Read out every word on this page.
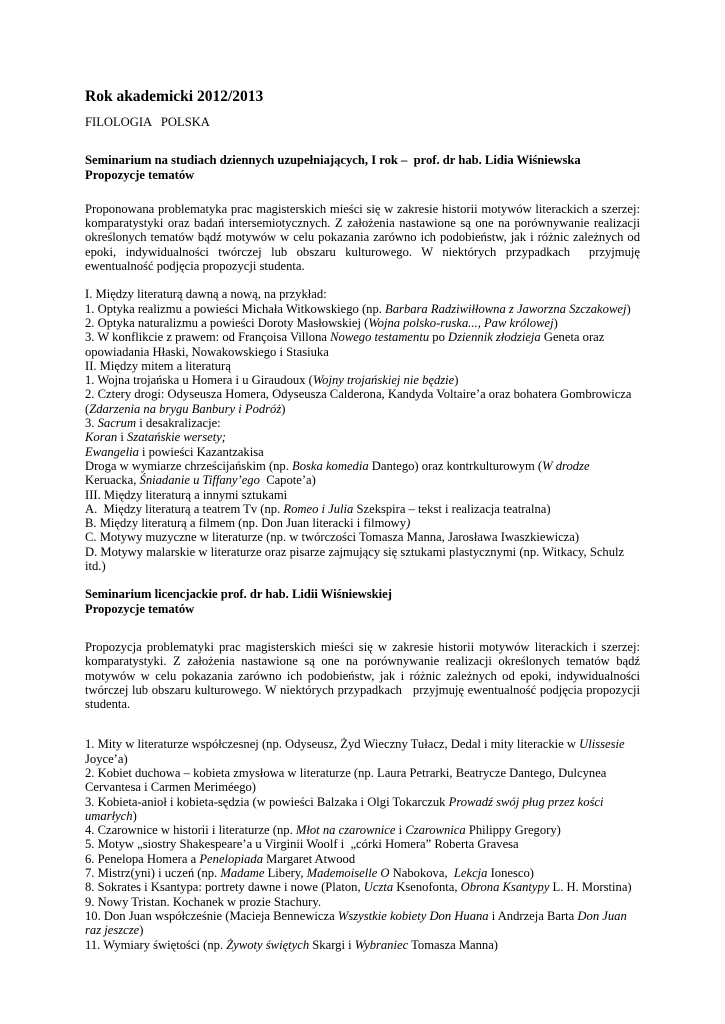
Rok akademicki 2012/2013

FILOLOGIA   POLSKA

Seminarium na studiach dziennych uzupełniających, I rok –  prof. dr hab. Lidia Wiśniewska

Propozycje tematów

Proponowana problematyka prac magisterskich mieści się w zakresie historii motywów literackich a szerzej: komparatystyki oraz badań intersemiotycznych. Z założenia nastawione są one na porównywanie realizacji określonych tematów bądź motywów w celu pokazania zarówno ich podobieństw, jak i różnic zależnych od epoki, indywidualności twórczej lub obszaru kulturowego. W niektórych przypadkach  przyjmuję ewentualność podjęcia propozycji studenta.

I. Między literaturą dawną a nową, na przykład:

1. Optyka realizmu a powieści Michała Witkowskiego (np. Barbara Radziwiłłowna z Jaworzna Szczakowej)

2. Optyka naturalizmu a powieści Doroty Masłowskiej (Wojna polsko-ruska..., Paw królowej)

3. W konflikcie z prawem: od Françoisa Villona Nowego testamentu po Dziennik złodzieja Geneta oraz opowiadania Hłaski, Nowakowskiego i Stasiuka

II. Między mitem a literaturą

1. Wojna trojańska u Homera i u Giraudoux (Wojny trojańskiej nie będzie)

2. Cztery drogi: Odyseusza Homera, Odyseusza Calderona, Kandyda Voltaire’a oraz bohatera Gombrowicza (Zdarzenia na brygu Banbury i Podróż)

3. Sacrum i desakralizacje:

Koran i Szatańskie wersety;

Ewangelia i powieści Kazantzakisa

Droga w wymiarze chrześcijańskim (np. Boska komedia Dantego) oraz kontrkulturowym (W drodze  Keruacka, Śniadanie u Tiffany’ego  Capote’a)

III. Między literaturą a innymi sztukami

A.  Między literaturą a teatrem Tv (np. Romeo i Julia Szekspira – tekst i realizacja teatralna)

B. Między literaturą a filmem (np. Don Juan literacki i filmowy)

C. Motywy muzyczne w literaturze (np. w twórczości Tomasza Manna, Jarosława Iwaszkiewicza)

D. Motywy malarskie w literaturze oraz pisarze zajmujący się sztukami plastycznymi (np. Witkacy, Schulz itd.)

Seminarium licencjackie prof. dr hab. Lidii Wiśniewskiej

Propozycje tematów

Propozycja problematyki prac magisterskich mieści się w zakresie historii motywów literackich i szerzej: komparatystyki. Z założenia nastawione są one na porównywanie realizacji określonych tematów bądź motywów w celu pokazania zarówno ich podobieństw, jak i różnic zależnych od epoki, indywidualności twórczej lub obszaru kulturowego. W niektórych przypadkach   przyjmuję ewentualność podjęcia propozycji studenta.

1. Mity w literaturze współczesnej (np. Odyseusz, Żyd Wieczny Tułacz, Dedal i mity literackie w Ulissesie Joyce’a)

2. Kobiet duchowa – kobieta zmysłowa w literaturze (np. Laura Petrarki, Beatrycze Dantego, Dulcynea Cervantesa i Carmen Meriméego)

3. Kobieta-anioł i kobieta-sędzia (w powieści Balzaka i Olgi Tokarczuk Prowadź swój pług przez kości umarłych)

4. Czarownice w historii i literaturze (np. Młot na czarownice i Czarownica Philippy Gregory)

5. Motyw „siostry Shakespeare’a u Virginii Woolf i  „córki Homera” Roberta Gravesa

6. Penelopa Homera a Penelopiada Margaret Atwood

7. Mistrz(yni) i uczeń (np. Madame Libery, Mademoiselle O Nabokova,  Lekcja Ionesco)

8. Sokrates i Ksantypa: portrety dawne i nowe (Platon, Uczta Ksenofonta, Obrona Ksantypy L. H. Morstina)

9. Nowy Tristan. Kochanek w prozie Stachury.

10. Don Juan współcześnie (Macieja Bennewicza Wszystkie kobiety Don Huana i Andrzeja Barta Don Juan raz jeszcze)

11. Wymiary świętości (np. Żywoty świętych Skargi i Wybraniec Tomasza Manna)
